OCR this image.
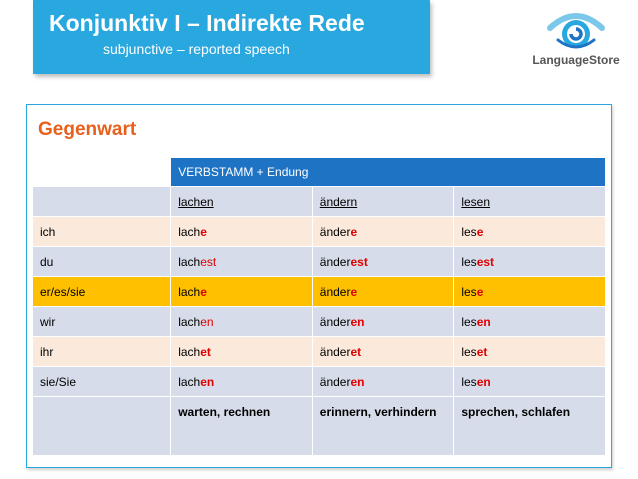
Konjunktiv I – Indirekte Rede
subjunctive – reported speech
LanguageStore
Gegenwart
	VERBSTAMM + Endung		
	lachen	ändern	lesen
ich	lache	ändere	lese
du	lachest	änderest	lesest
er/es/sie	lache	ändere	lese
wir	lachen	änderen	lesen
ihr	lachet	änderet	leset
sie/Sie	lachen	änderen	lesen
	warten, rechnen	erinnern, verhindern	sprechen, schlafen
